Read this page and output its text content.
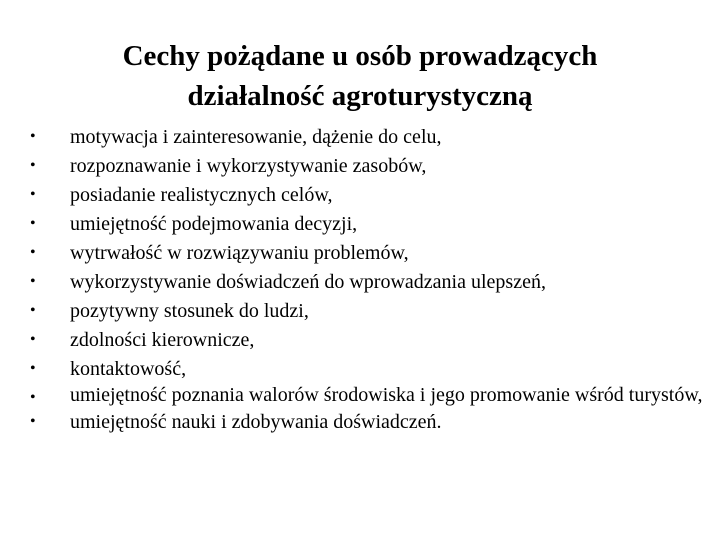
Cechy pożądane u osób prowadzących
działalność agroturystyczną
• motywacja i zainteresowanie, dążenie do celu,
• rozpoznawanie i wykorzystywanie zasobów,
• posiadanie realistycznych celów,
• umiejętność podejmowania decyzji,
• wytrwałość w rozwiązywaniu problemów,
• wykorzystywanie doświadczeń do wprowadzania ulepszeń,
• pozytywny stosunek do ludzi,
• zdolności kierownicze,
• kontaktowość,
• umiejętność poznania walorów środowiska i jego promowanie wśród turystów,
• umiejętność nauki i zdobywania doświadczeń.
